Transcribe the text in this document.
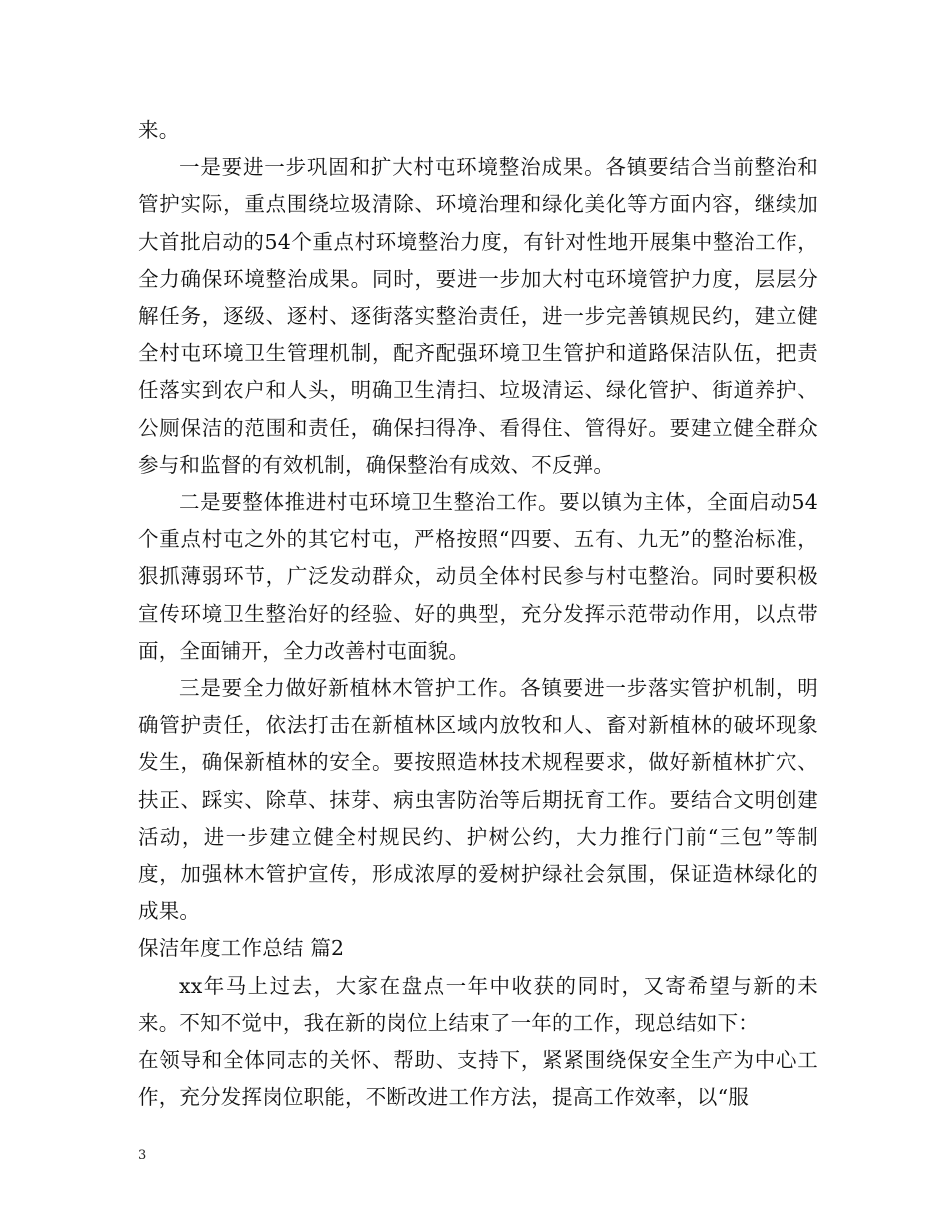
来。

一是要进一步巩固和扩大村屯环境整治成果。各镇要结合当前整治和管护实际，重点围绕垃圾清除、环境治理和绿化美化等方面内容，继续加大首批启动的54个重点村环境整治力度，有针对性地开展集中整治工作，全力确保环境整治成果。同时，要进一步加大村屯环境管护力度，层层分解任务，逐级、逐村、逐街落实整治责任，进一步完善镇规民约，建立健全村屯环境卫生管理机制，配齐配强环境卫生管护和道路保洁队伍，把责任落实到农户和人头，明确卫生清扫、垃圾清运、绿化管护、街道养护、公厕保洁的范围和责任，确保扫得净、看得住、管得好。要建立健全群众参与和监督的有效机制，确保整治有成效、不反弹。

二是要整体推进村屯环境卫生整治工作。要以镇为主体，全面启动54个重点村屯之外的其它村屯，严格按照“四要、五有、九无”的整治标准，狠抓薄弱环节，广泛发动群众，动员全体村民参与村屯整治。同时要积极宣传环境卫生整治好的经验、好的典型，充分发挥示范带动作用，以点带面，全面铺开，全力改善村屯面貌。

三是要全力做好新植林木管护工作。各镇要进一步落实管护机制，明确管护责任，依法打击在新植林区域内放牧和人、畜对新植林的破坏现象发生，确保新植林的安全。要按照造林技术规程要求，做好新植林扩穴、扶正、踩实、除草、抹芽、病虫害防治等后期抚育工作。要结合文明创建活动，进一步建立健全村规民约、护树公约，大力推行门前“三包”等制度，加强林木管护宣传，形成浓厚的爱树护绿社会氛围，保证造林绿化的成果。

保洁年度工作总结 篇2

xx年马上过去，大家在盘点一年中收获的同时，又寄希望与新的未来。不知不觉中，我在新的岗位上结束了一年的工作，现总结如下：

在领导和全体同志的关怀、帮助、支持下，紧紧围绕保安全生产为中心工作，充分发挥岗位职能，不断改进工作方法，提高工作效率，以“服

3
